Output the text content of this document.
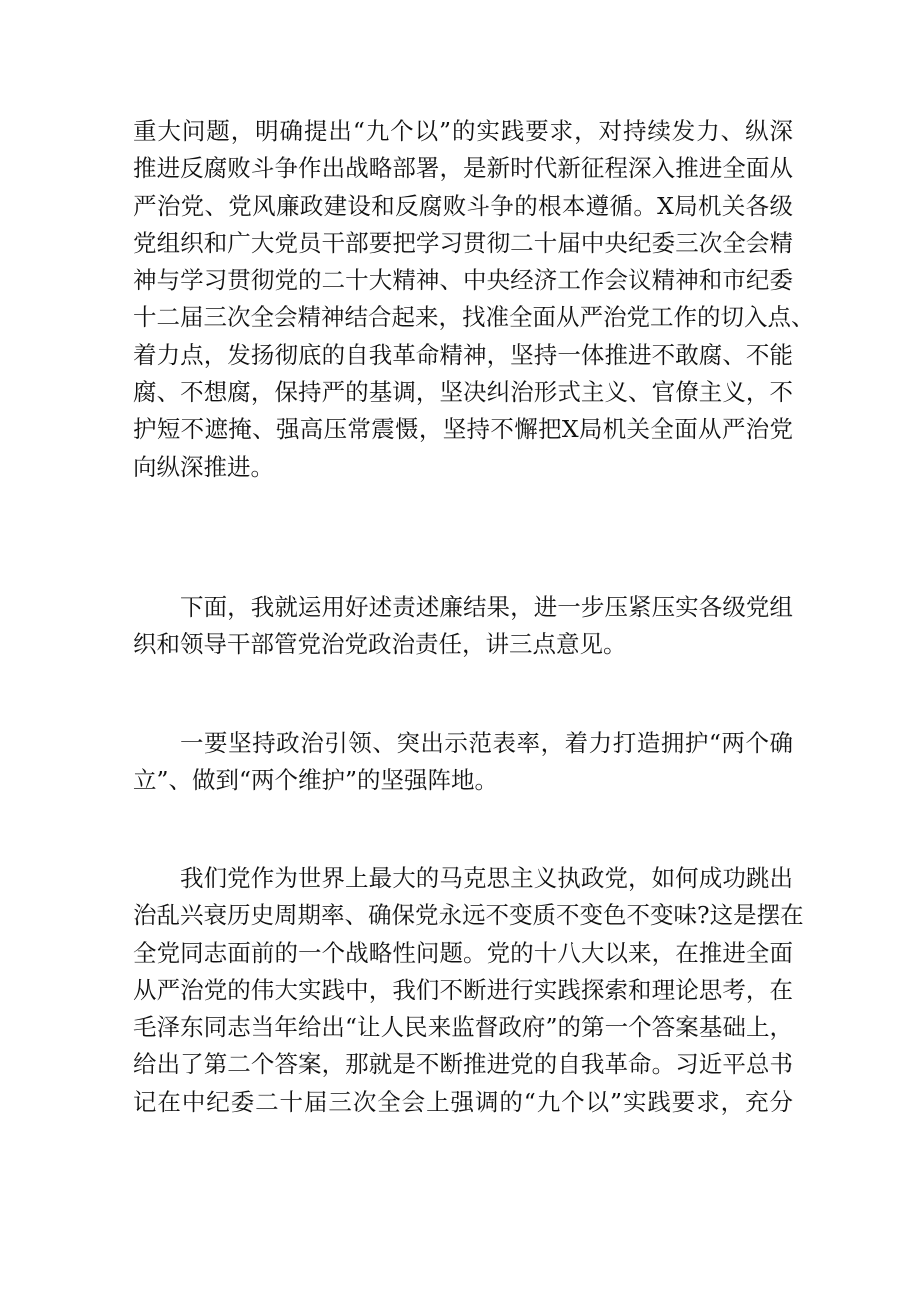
重大问题，明确提出“九个以”的实践要求，对持续发力、纵深
推进反腐败斗争作出战略部署，是新时代新征程深入推进全面从
严治党、党风廉政建设和反腐败斗争的根本遵循。X局机关各级
党组织和广大党员干部要把学习贯彻二十届中央纪委三次全会精
神与学习贯彻党的二十大精神、中央经济工作会议精神和市纪委
十二届三次全会精神结合起来，找准全面从严治党工作的切入点、
着力点，发扬彻底的自我革命精神，坚持一体推进不敢腐、不能
腐、不想腐，保持严的基调，坚决纠治形式主义、官僚主义，不
护短不遮掩、强高压常震慑，坚持不懈把X局机关全面从严治党
向纵深推进。

下面，我就运用好述责述廉结果，进一步压紧压实各级党组
织和领导干部管党治党政治责任，讲三点意见。

一要坚持政治引领、突出示范表率，着力打造拥护“两个确
立”、做到“两个维护”的坚强阵地。

我们党作为世界上最大的马克思主义执政党，如何成功跳出
治乱兴衰历史周期率、确保党永远不变质不变色不变味?这是摆在
全党同志面前的一个战略性问题。党的十八大以来，在推进全面
从严治党的伟大实践中，我们不断进行实践探索和理论思考，在
毛泽东同志当年给出“让人民来监督政府”的第一个答案基础上，
给出了第二个答案，那就是不断推进党的自我革命。习近平总书
记在中纪委二十届三次全会上强调的“九个以”实践要求，充分
